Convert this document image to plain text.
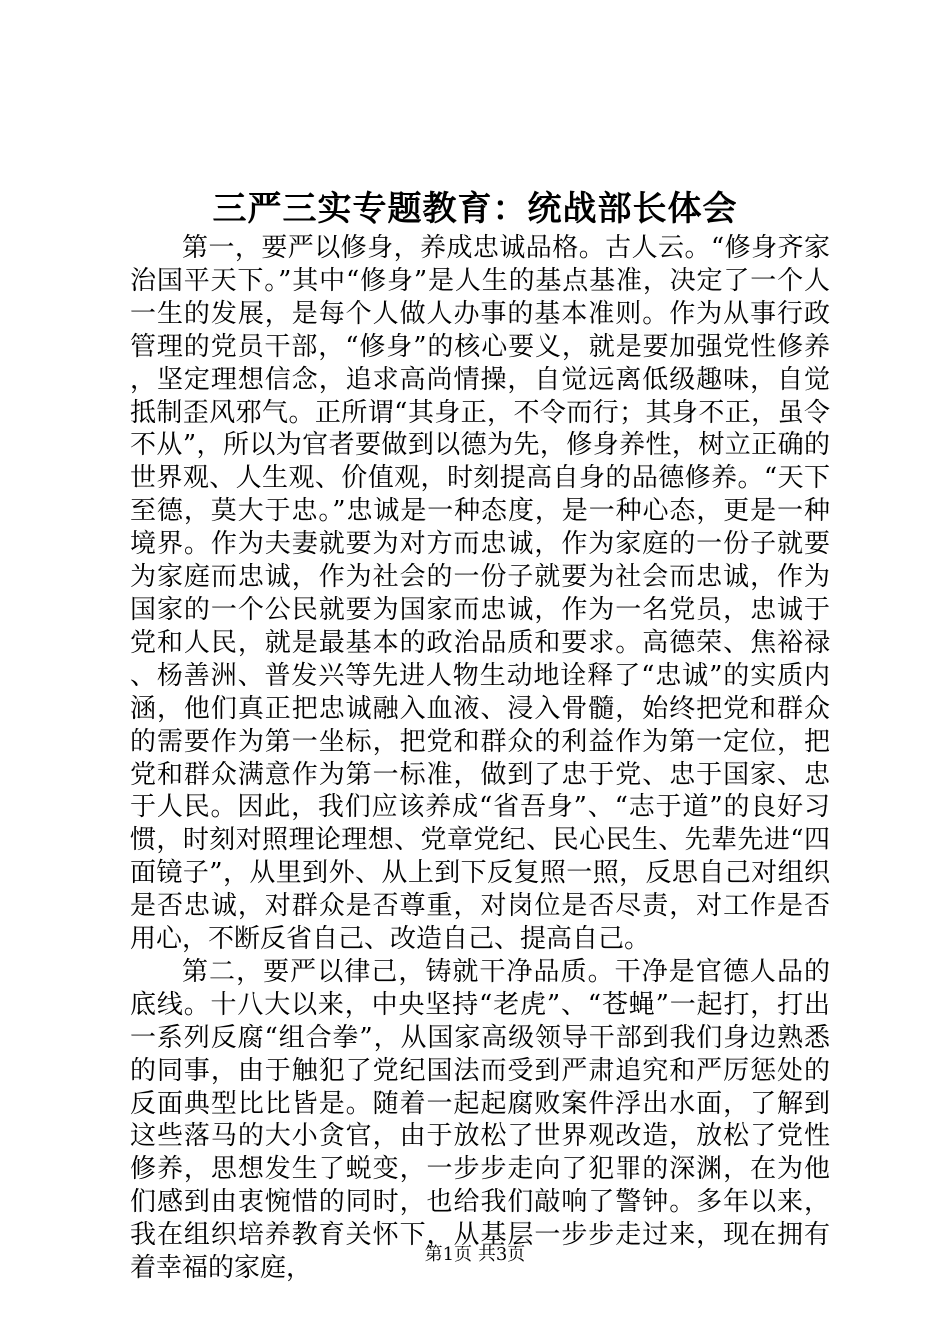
三严三实专题教育：统战部长体会

第一，要严以修身，养成忠诚品格。古人云。“修身齐家治国平天下。”其中“修身”是人生的基点基准，决定了一个人一生的发展，是每个人做人办事的基本准则。作为从事行政管理的党员干部，“修身”的核心要义，就是要加强党性修养，坚定理想信念，追求高尚情操，自觉远离低级趣味，自觉抵制歪风邪气。正所谓“其身正，不令而行；其身不正，虽令不从”，所以为官者要做到以德为先，修身养性，树立正确的世界观、人生观、价值观，时刻提高自身的品德修养。“天下至德，莫大于忠。”忠诚是一种态度，是一种心态，更是一种境界。作为夫妻就要为对方而忠诚，作为家庭的一份子就要为家庭而忠诚，作为社会的一份子就要为社会而忠诚，作为国家的一个公民就要为国家而忠诚，作为一名党员，忠诚于党和人民，就是最基本的政治品质和要求。高德荣、焦裕禄、杨善洲、普发兴等先进人物生动地诠释了“忠诚”的实质内涵，他们真正把忠诚融入血液、浸入骨髓，始终把党和群众的需要作为第一坐标，把党和群众的利益作为第一定位，把党和群众满意作为第一标准，做到了忠于党、忠于国家、忠于人民。因此，我们应该养成“省吾身”、“志于道”的良好习惯，时刻对照理论理想、党章党纪、民心民生、先辈先进“四面镜子”，从里到外、从上到下反复照一照，反思自己对组织是否忠诚，对群众是否尊重，对岗位是否尽责，对工作是否用心，不断反省自己、改造自己、提高自己。

第二，要严以律己，铸就干净品质。干净是官德人品的底线。十八大以来，中央坚持“老虎”、“苍蝇”一起打，打出一系列反腐“组合拳”，从国家高级领导干部到我们身边熟悉的同事，由于触犯了党纪国法而受到严肃追究和严厉惩处的反面典型比比皆是。随着一起起腐败案件浮出水面，了解到这些落马的大小贪官，由于放松了世界观改造，放松了党性修养，思想发生了蜕变，一步步走向了犯罪的深渊，在为他们感到由衷惋惜的同时，也给我们敲响了警钟。多年以来，我在组织培养教育关怀下，从基层一步步走过来，现在拥有着幸福的家庭，	第1页 共3页
